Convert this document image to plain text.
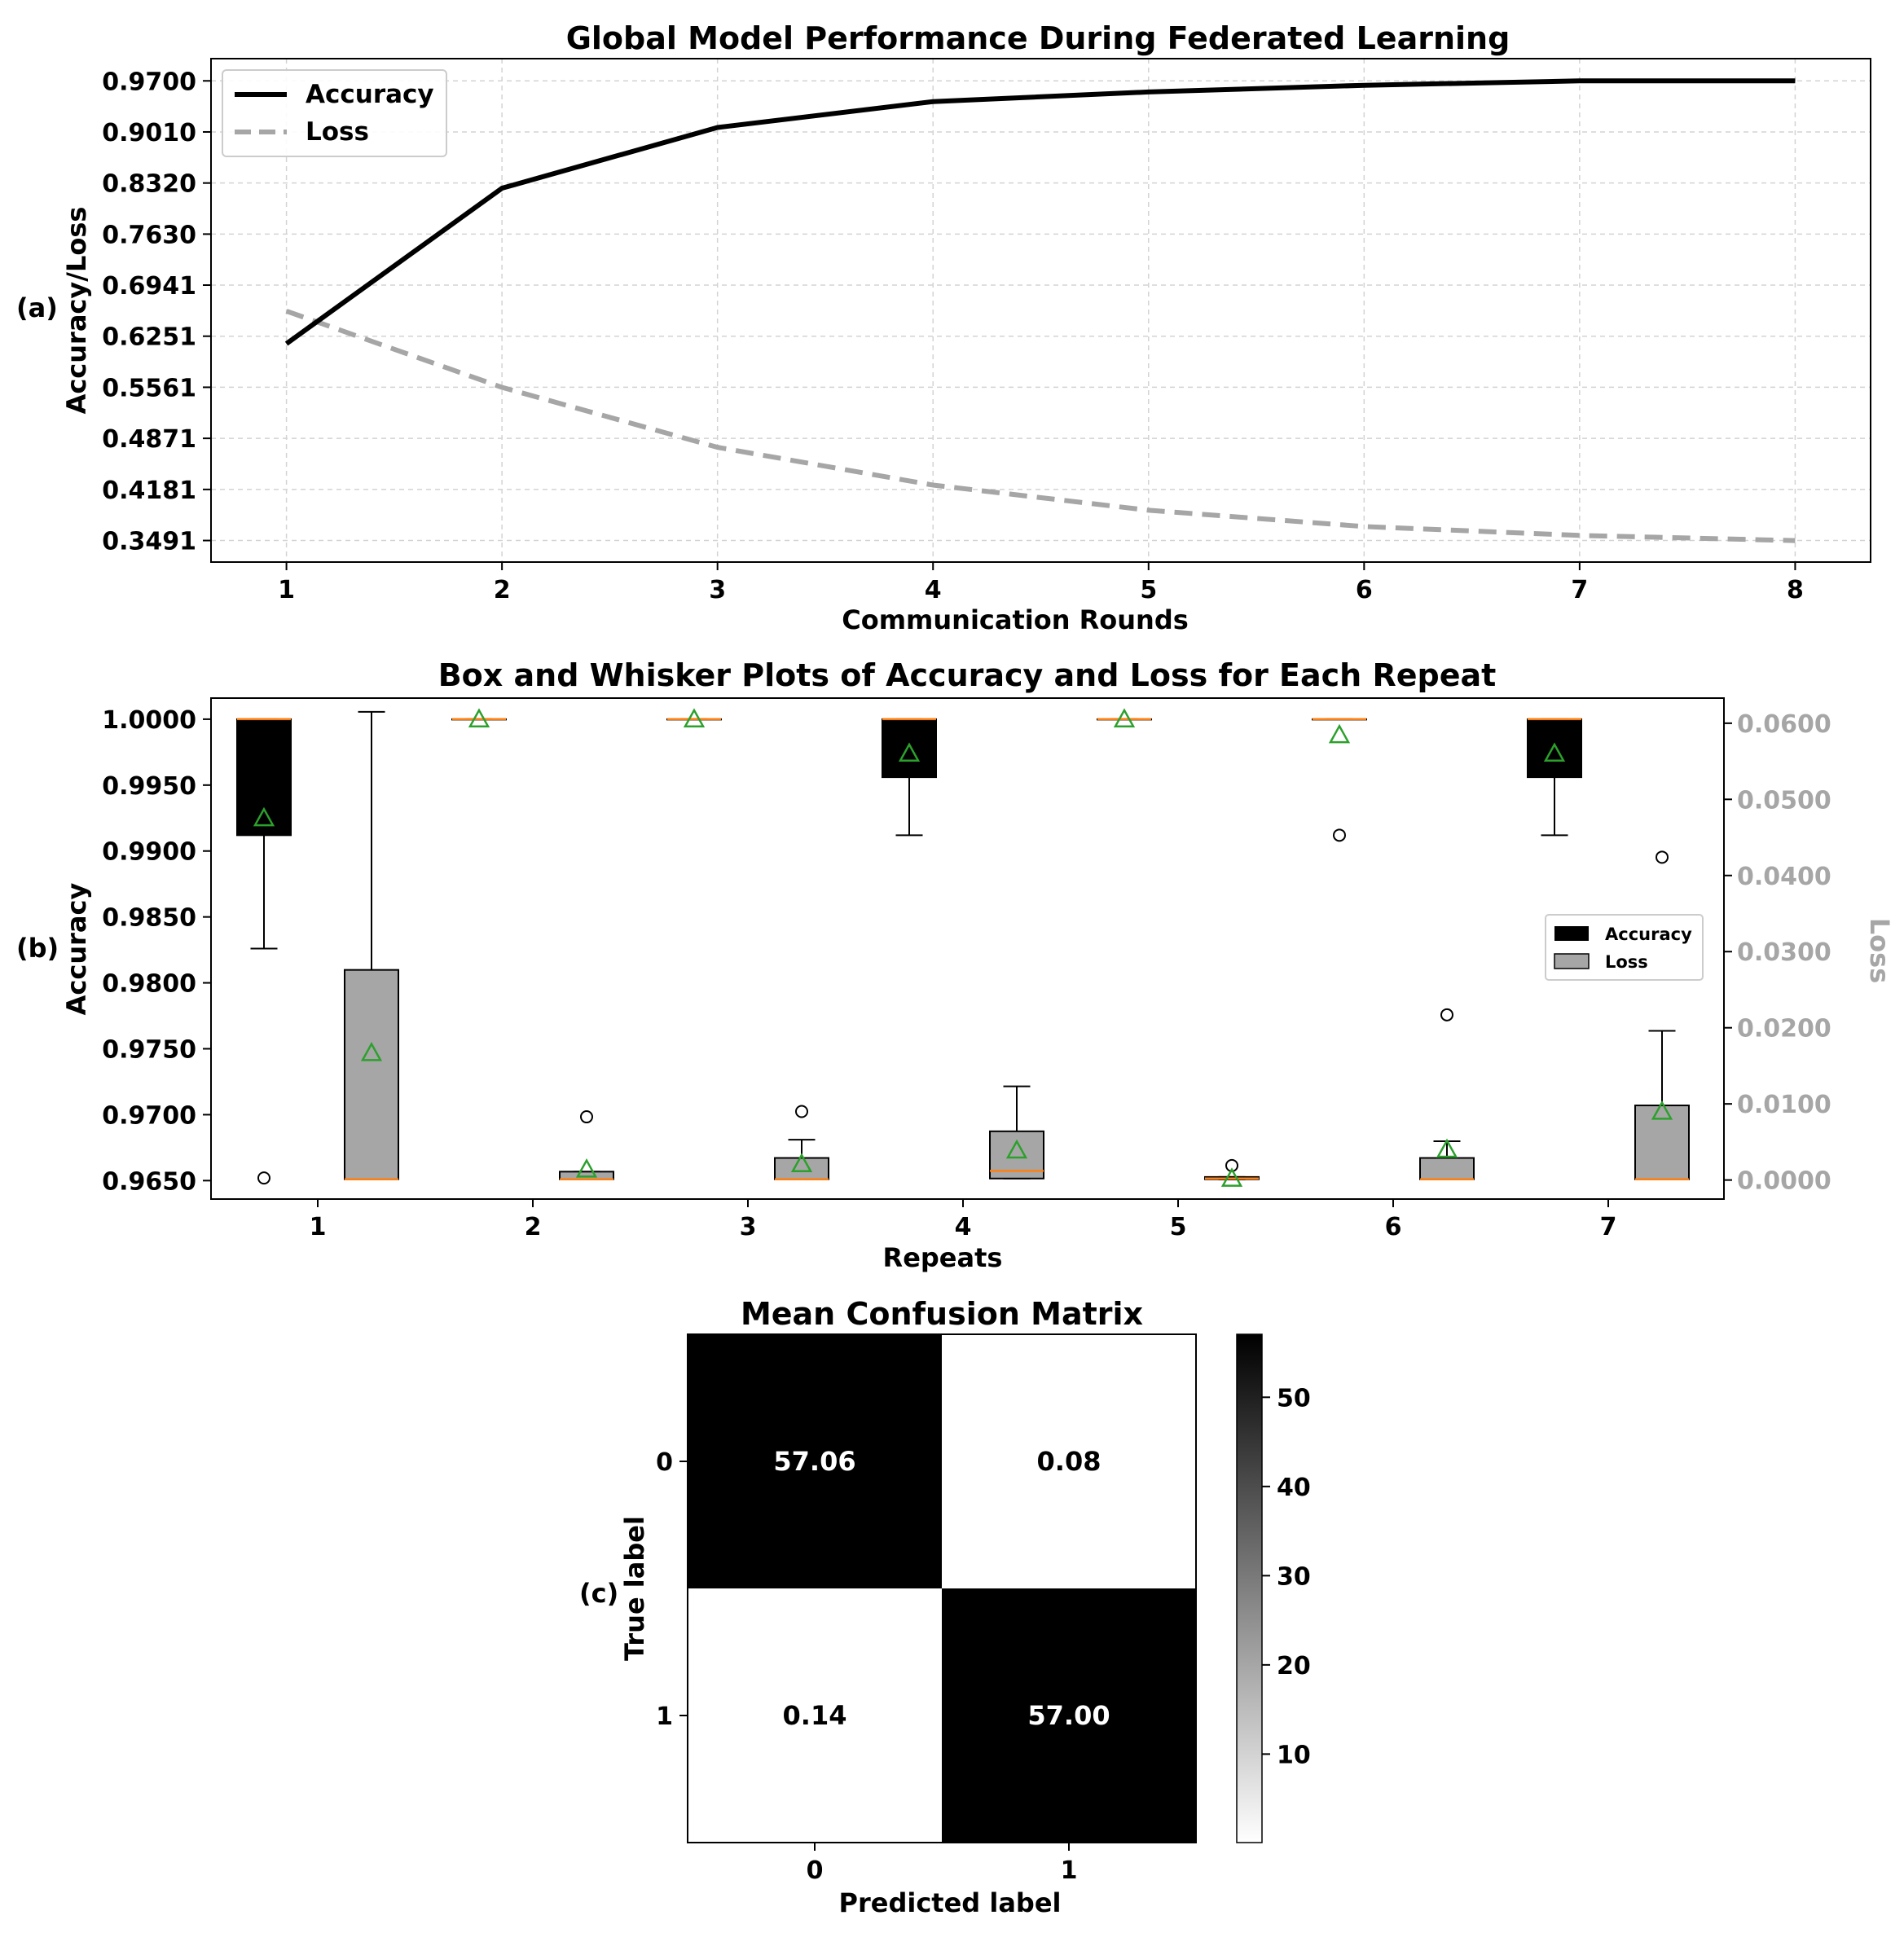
(a)
Global Model Performance During Federated Learning
1	2	3	4	5	6	7	8
0.9700
0.9010
0.8320
0.7630
0.6941
0.6251
0.5561
0.4871
0.4181
0.3491
Communication Rounds
Accuracy/Loss
Accuracy
Loss
(b)
Box and Whisker Plots of Accuracy and Loss for Each Repeat
1	2	3	4	5	6	7
1.0000
0.9950
0.9900
0.9850
0.9800
0.9750
0.9700
0.9650
0.0600
0.0500
0.0400
0.0300
0.0200
0.0100
0.0000
Repeats
Accuracy	Loss
Accuracy
Loss
(c)
Mean Confusion Matrix
57.06	0.08
0.14	57.00
0	1
0
1
Predicted label
True label
50
40
30
20
10
